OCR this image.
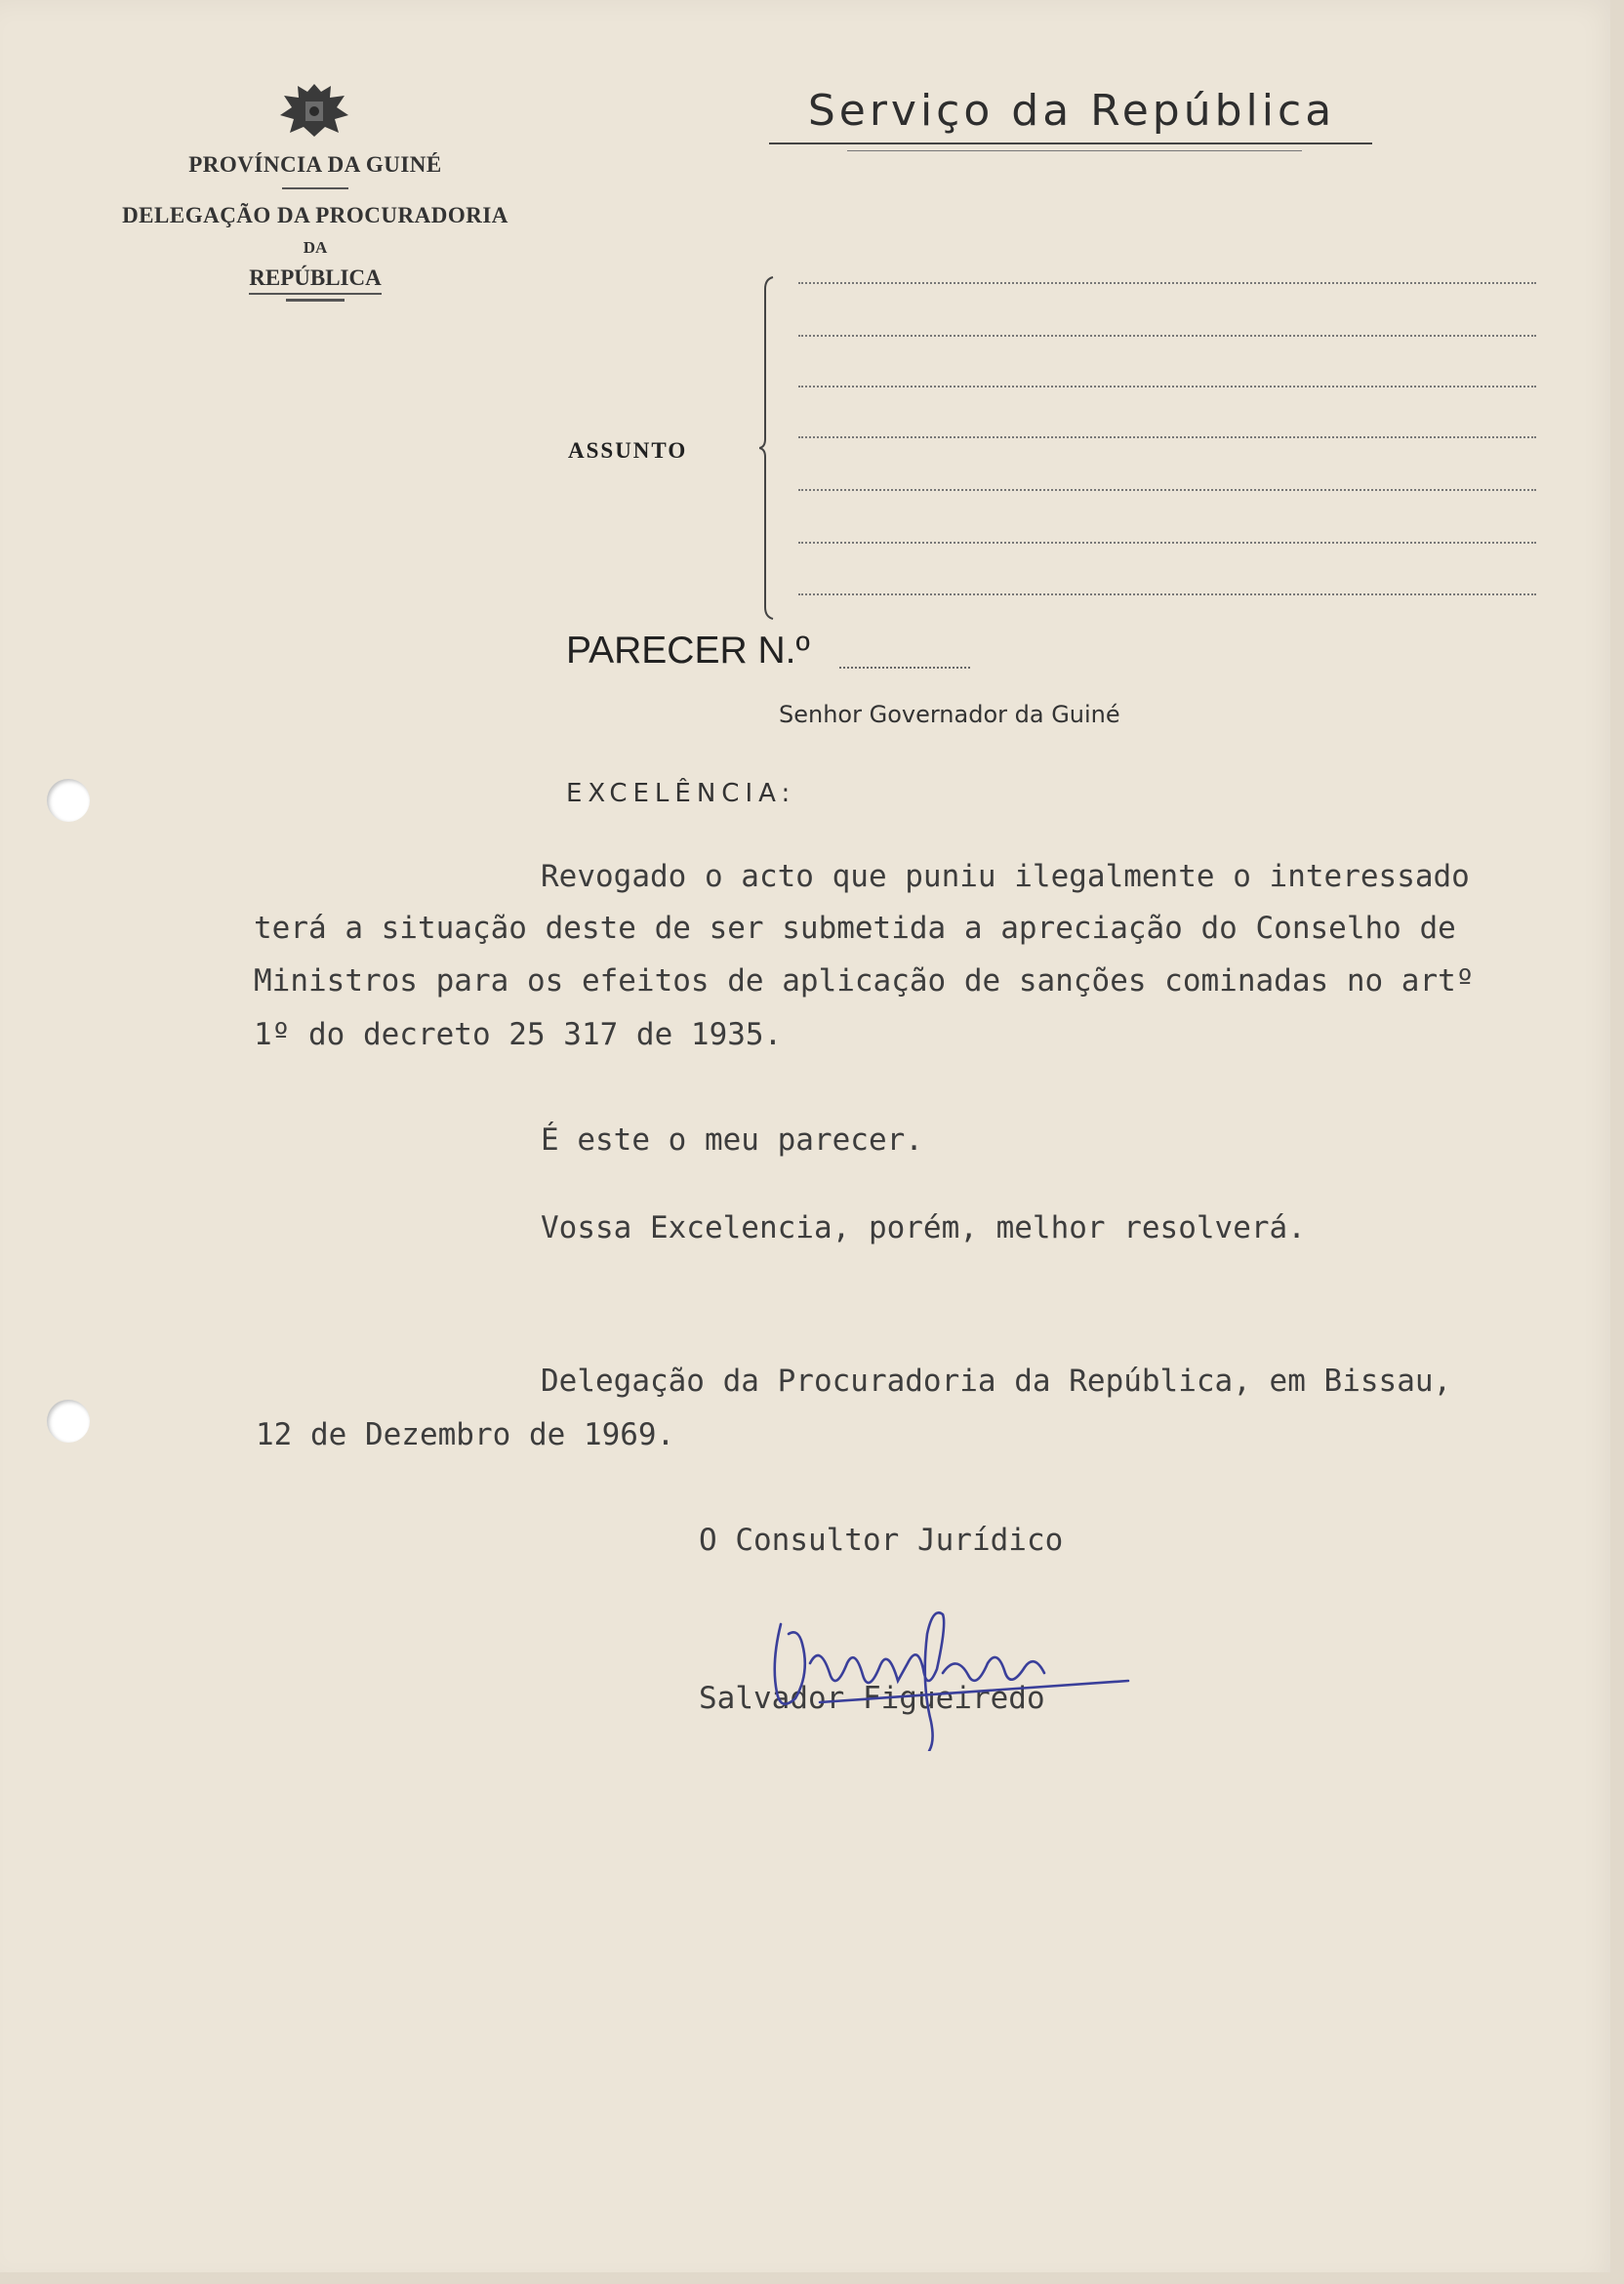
PROVÍNCIA DA GUINÉ
DELEGAÇÃO DA PROCURADORIA
DA
REPÚBLICA
Serviço da República
ASSUNTO
PARECER N.º
Senhor Governador da Guiné
EXCELÊNCIA:
Revogado o acto que puniu ilegalmente o interessado
terá a situação deste de ser submetida a apreciação do Conselho de
Ministros para os efeitos de aplicação de sanções cominadas no artº
1º do decreto 25 317 de 1935.
É este o meu parecer.
Vossa Excelencia, porém, melhor resolverá.
Delegação da Procuradoria da República, em Bissau,
12 de Dezembro de 1969.
O Consultor Jurídico
Salvador Figueiredo
